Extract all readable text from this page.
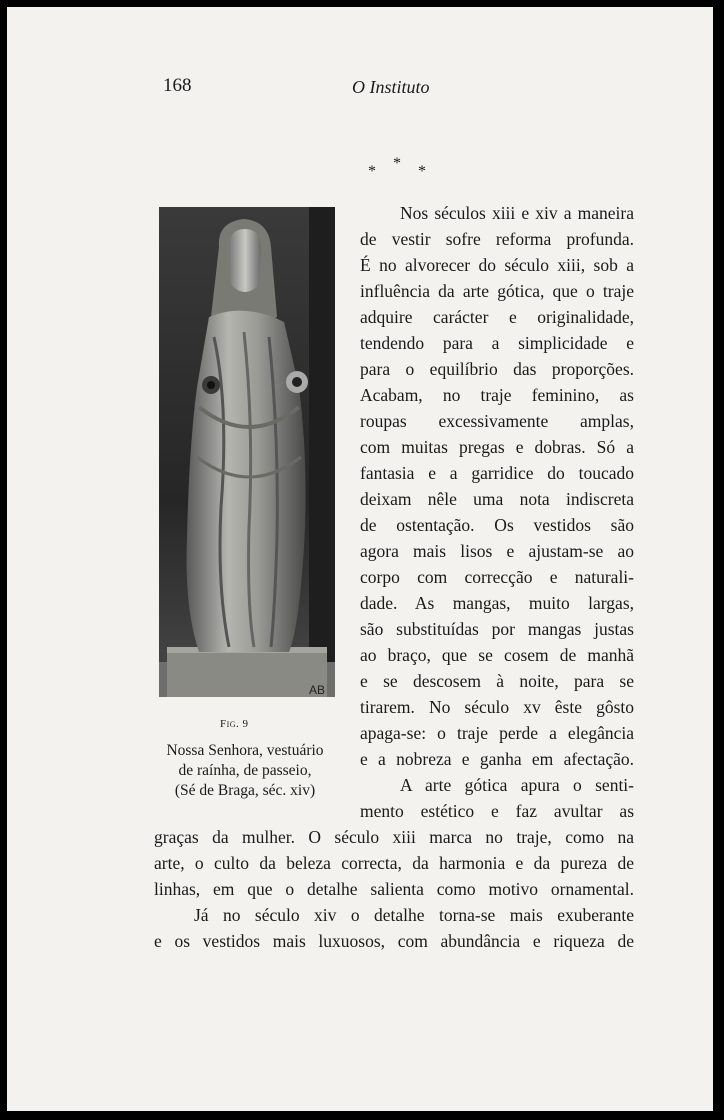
168	O Instituto
* * *
AB
Fig. 9
Nossa Senhora, vestuário
de raínha, de passeio,
(Sé de Braga, séc. xiv)
Nos séculos xiii e xiv a maneira
de vestir sofre reforma profunda.
É no alvorecer do século xiii, sob a
influência da arte gótica, que o traje
adquire carácter e originalidade,
tendendo para a simplicidade e
para o equilíbrio das proporções.
Acabam, no traje feminino, as
roupas excessivamente amplas,
com muitas pregas e dobras. Só a
fantasia e a garridice do toucado
deixam nêle uma nota indiscreta
de ostentação. Os vestidos são
agora mais lisos e ajustam-se ao
corpo com correcção e naturali-
dade. As mangas, muito largas,
são substituídas por mangas justas
ao braço, que se cosem de manhã
e se descosem à noite, para se
tirarem. No século xv êste gôsto
apaga-se: o traje perde a elegância
e a nobreza e ganha em afectação.
A arte gótica apura o senti-
mento estético e faz avultar as
graças da mulher. O século xiii marca no traje, como na
arte, o culto da beleza correcta, da harmonia e da pureza de
linhas, em que o detalhe salienta como motivo ornamental.
Já no século xiv o detalhe torna-se mais exuberante
e os vestidos mais luxuosos, com abundância e riqueza de
